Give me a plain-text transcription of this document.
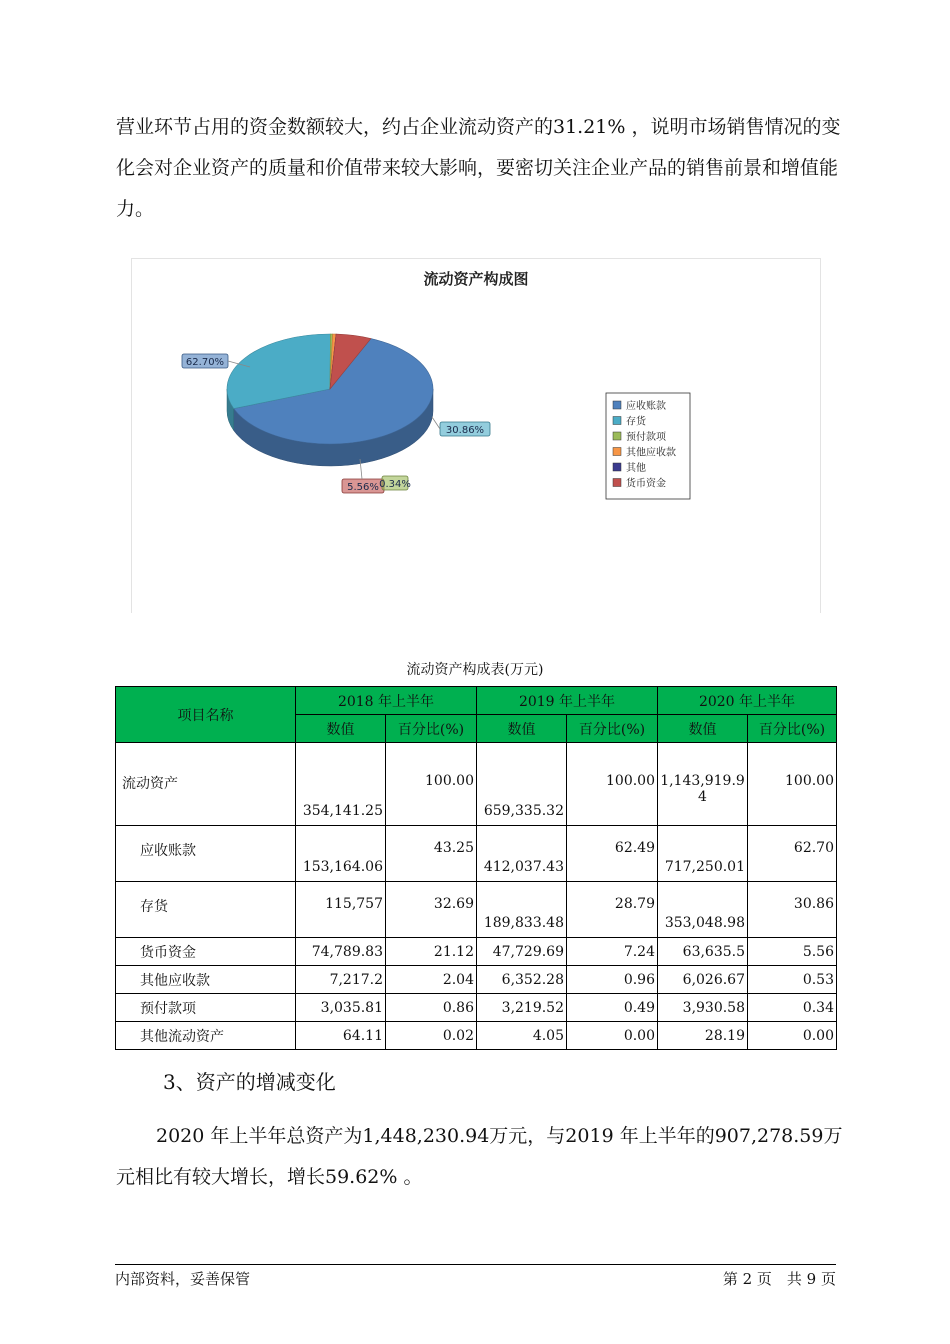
营业环节占用的资金数额较大，约占企业流动资产的31.21% ，说明市场销售情况的变化会对企业资产的质量和价值带来较大影响，要密切关注企业产品的销售前景和增值能力。

流动资产构成图
62.70%
30.86%
5.56% 0.34%
应收账款
存货
预付款项
其他应收款
其他
货币资金
流动资产构成表(万元)
项目名称	2018 年上半年		2019 年上半年		2020 年上半年	
	数值	百分比(%)	数值	百分比(%)	数值	百分比(%)
流动资产	354,141.25	100.00	659,335.32	100.00	1,143,919.94	100.00
应收账款	153,164.06	43.25	412,037.43	62.49	717,250.01	62.70
存货	115,757	32.69	189,833.48	28.79	353,048.98	30.86
货币资金	74,789.83	21.12	47,729.69	7.24	63,635.5	5.56
其他应收款	7,217.2	2.04	6,352.28	0.96	6,026.67	0.53
预付款项	3,035.81	0.86	3,219.52	0.49	3,930.58	0.34
其他流动资产	64.11	0.02	4.05	0.00	28.19	0.00
3、资产的增减变化

2020 年上半年总资产为1,448,230.94万元，与2019 年上半年的907,278.59万元相比有较大增长，增长59.62% 。

内部资料，妥善保管	第 2 页　共 9 页
